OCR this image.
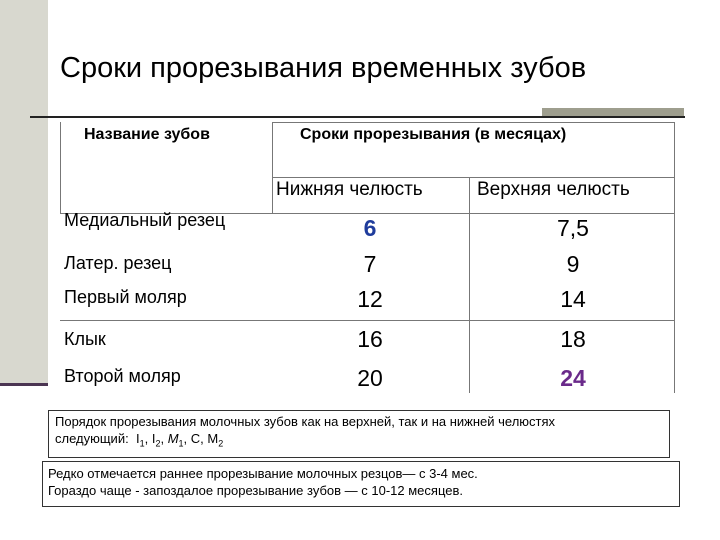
Сроки прорезывания временных зубов
Название зубов	Сроки прорезывания (в месяцах)
Нижняя челюсть	Верхняя челюсть
Медиальный резец
Латер. резец
Первый моляр
Клык
Второй моляр
6
7
12
16
20
7,5
9
14
18
24
Порядок прорезывания молочных зубов как на верхней, так и на нижней челюстях
следующий: $I_1$, $I_2$, $M_1$, C, $M_2$
Редко отмечается раннее прорезывание молочных резцов— с 3-4 мес.
Гораздо чаще - запоздалое прорезывание зубов — с 10-12 месяцев.
